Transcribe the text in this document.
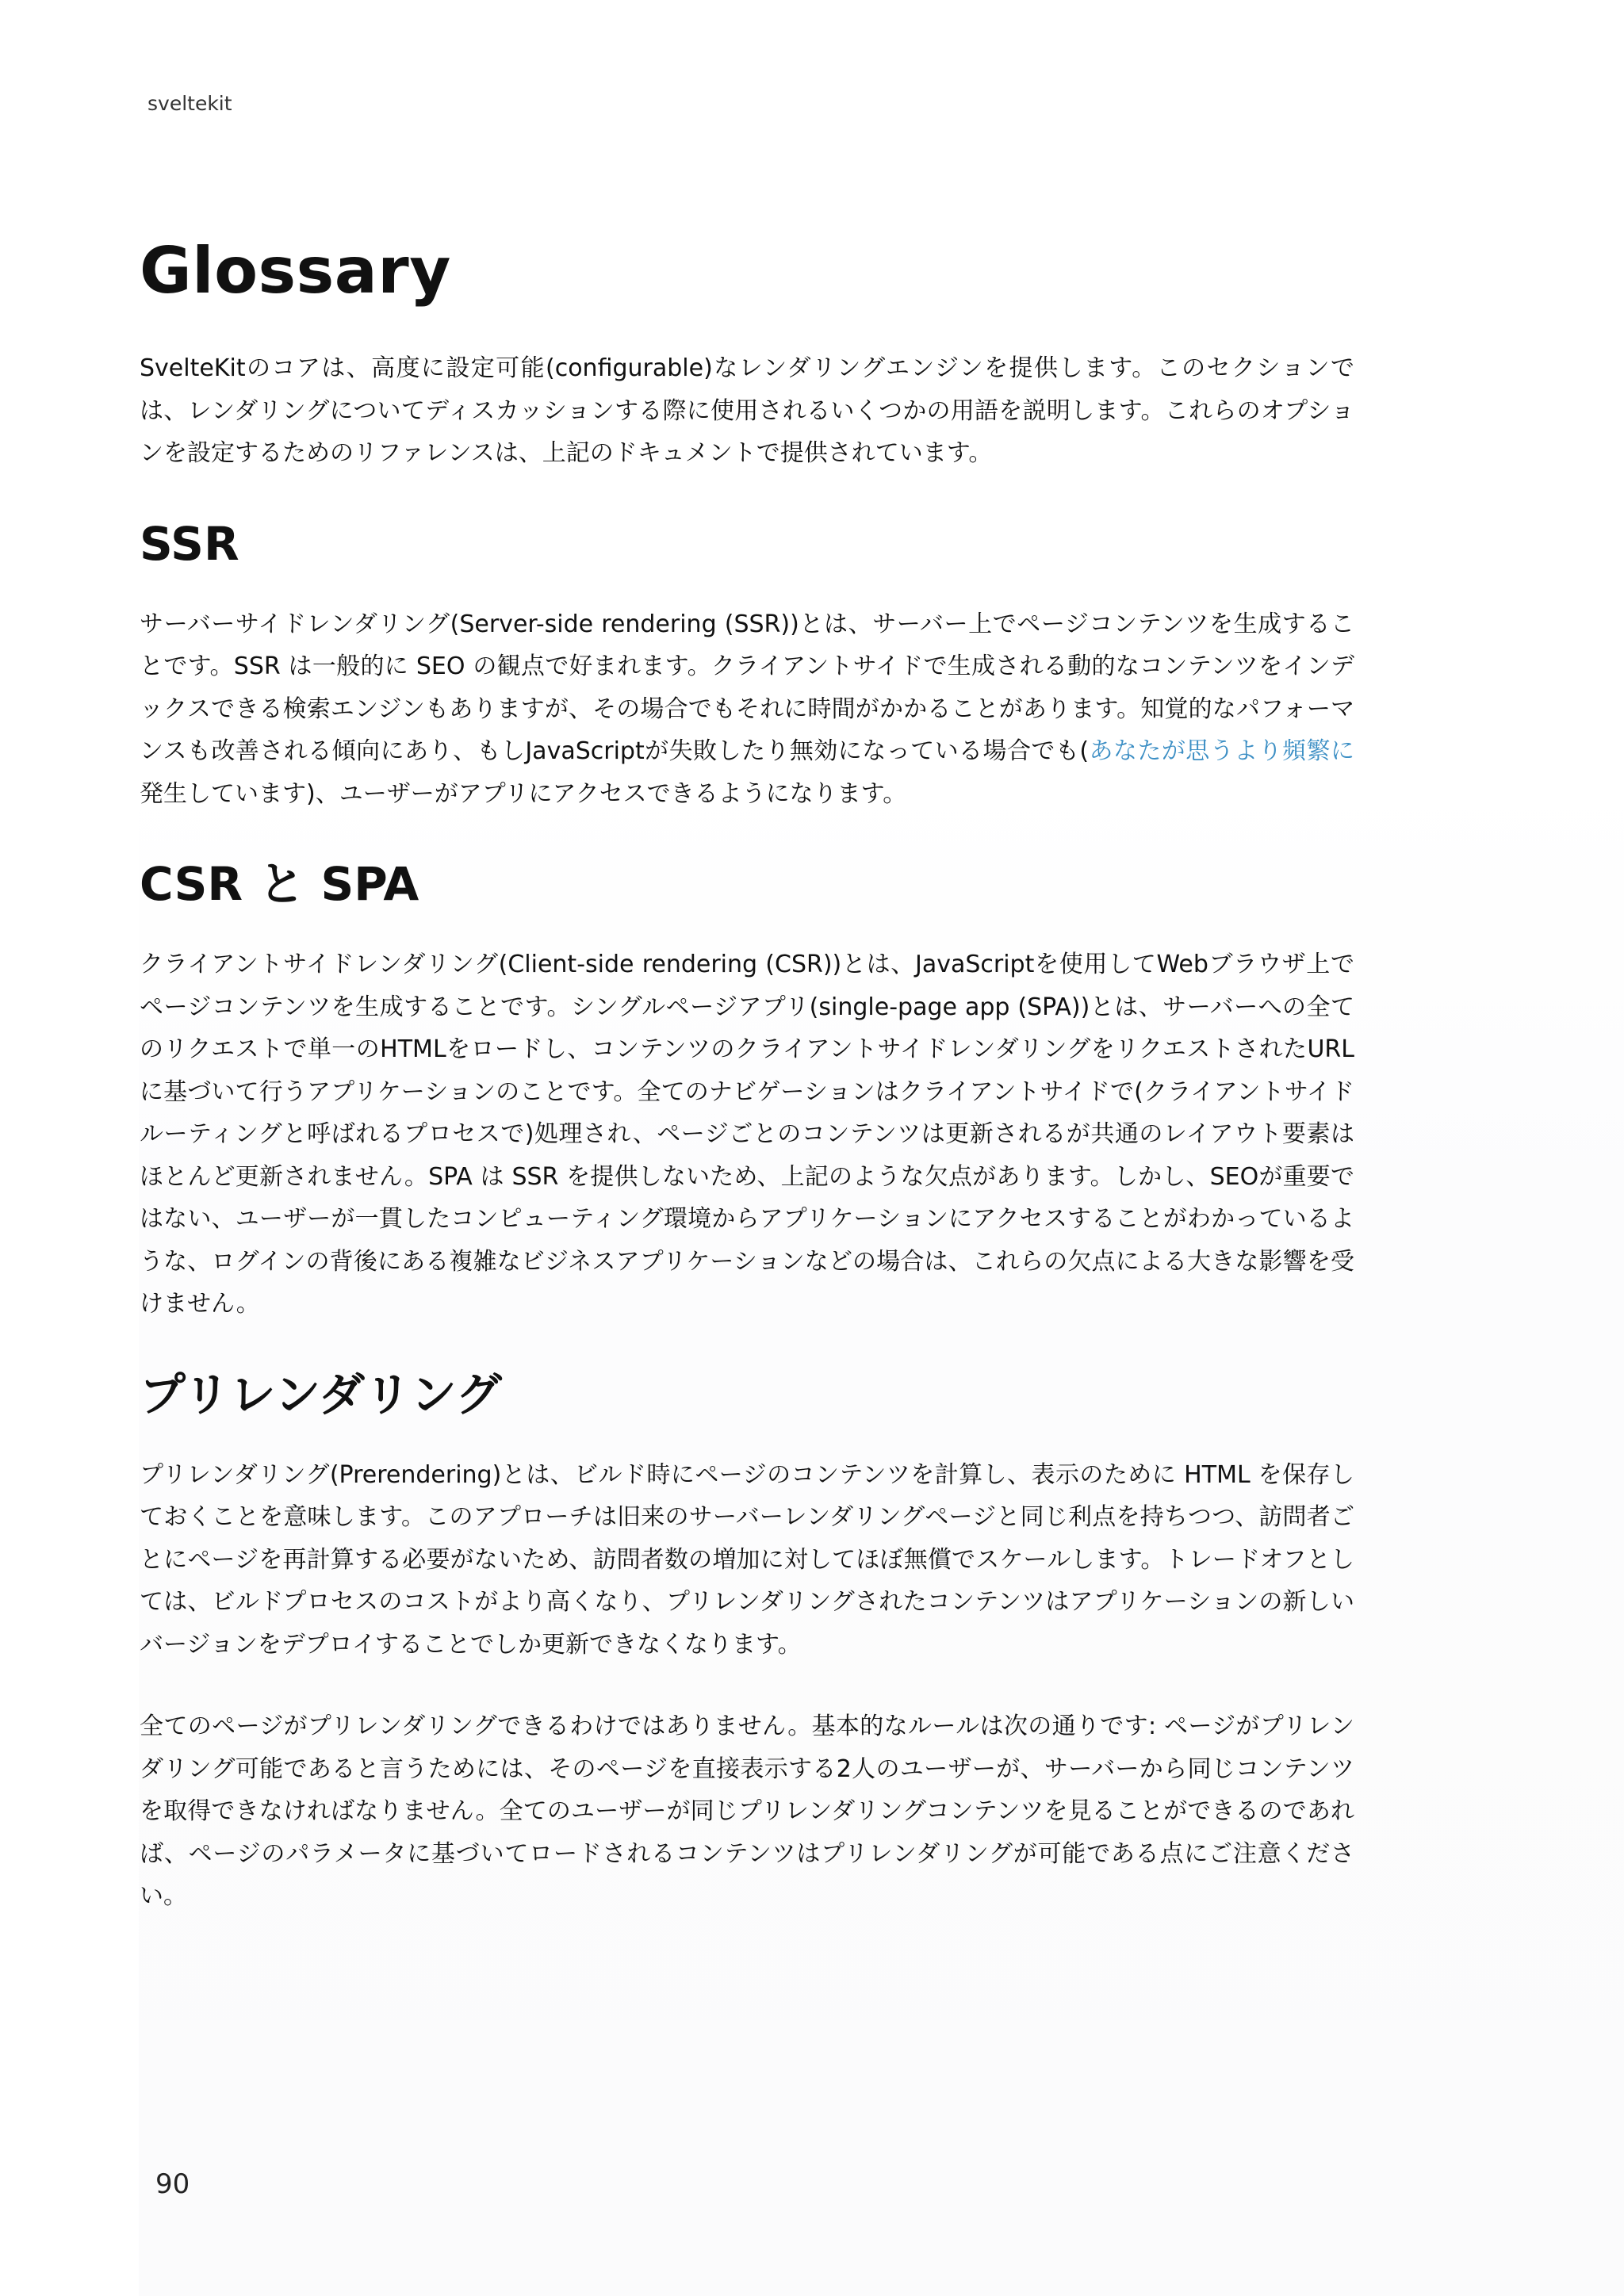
sveltekit
Glossary

SvelteKitのコアは、高度に設定可能(configurable)なレンダリングエンジンを提供します。このセクションでは、レンダリングについてディスカッションする際に使用されるいくつかの用語を説明します。これらのオプションを設定するためのリファレンスは、上記のドキュメントで提供されています。

SSR

サーバーサイドレンダリング(Server-side rendering (SSR))とは、サーバー上でページコンテンツを生成することです。SSR は一般的に SEO の観点で好まれます。クライアントサイドで生成される動的なコンテンツをインデックスできる検索エンジンもありますが、その場合でもそれに時間がかかることがあります。知覚的なパフォーマンスも改善される傾向にあり、もしJavaScriptが失敗したり無効になっている場合でも(あなたが思うより頻繁に発生しています)、ユーザーがアプリにアクセスできるようになります。

CSR と SPA

クライアントサイドレンダリング(Client-side rendering (CSR))とは、JavaScriptを使用してWebブラウザ上でページコンテンツを生成することです。シングルページアプリ(single-page app (SPA))とは、サーバーへの全てのリクエストで単一のHTMLをロードし、コンテンツのクライアントサイドレンダリングをリクエストされたURLに基づいて行うアプリケーションのことです。全てのナビゲーションはクライアントサイドで(クライアントサイドルーティングと呼ばれるプロセスで)処理され、ページごとのコンテンツは更新されるが共通のレイアウト要素はほとんど更新されません。SPA は SSR を提供しないため、上記のような欠点があります。しかし、SEOが重要ではない、ユーザーが一貫したコンピューティング環境からアプリケーションにアクセスすることがわかっているような、ログインの背後にある複雑なビジネスアプリケーションなどの場合は、これらの欠点による大きな影響を受けません。

プリレンダリング

プリレンダリング(Prerendering)とは、ビルド時にページのコンテンツを計算し、表示のために HTML を保存しておくことを意味します。このアプローチは旧来のサーバーレンダリングページと同じ利点を持ちつつ、訪問者ごとにページを再計算する必要がないため、訪問者数の増加に対してほぼ無償でスケールします。トレードオフとしては、ビルドプロセスのコストがより高くなり、プリレンダリングされたコンテンツはアプリケーションの新しいバージョンをデプロイすることでしか更新できなくなります。

全てのページがプリレンダリングできるわけではありません。基本的なルールは次の通りです: ページがプリレンダリング可能であると言うためには、そのページを直接表示する2人のユーザーが、サーバーから同じコンテンツを取得できなければなりません。全てのユーザーが同じプリレンダリングコンテンツを見ることができるのであれば、ページのパラメータに基づいてロードされるコンテンツはプリレンダリングが可能である点にご注意ください。

90
